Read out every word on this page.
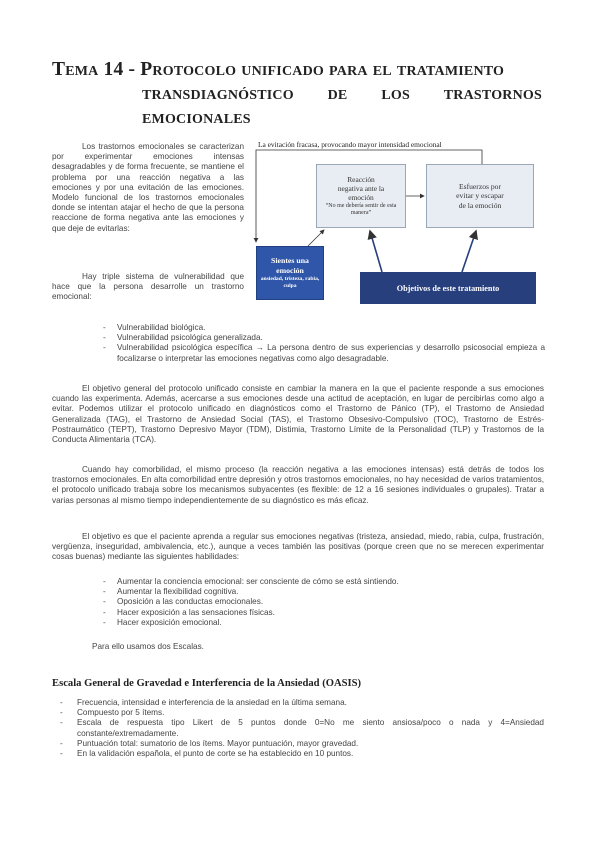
Tema 14 - Protocolo unificado para el tratamiento
transdiagnóstico de los trastornos
emocionales

Los trastornos emocionales se caracterizan por experimentar emociones intensas desagradables y de forma frecuente, se mantiene el problema por una reacción negativa a las emociones y por una evitación de las emociones. Modelo funcional de los trastornos emocionales donde se intentan atajar el hecho de que la persona reaccione de forma negativa ante las emociones y que deje de evitarlas:

Hay triple sistema de vulnerabilidad que hace que la persona desarrolle un trastorno emocional:

La evitación fracasa, provocando mayor intensidad emocional
Reacción
negativa ante la
emoción
“No me debería sentir de esta manera”
Esfuerzos por
evitar y escapar
de la emoción
Sientes una
emoción
ansiedad, tristeza, rabia, culpa	Objetivos de este tratamiento
- Vulnerabilidad biológica.
- Vulnerabilidad psicológica generalizada.
- Vulnerabilidad psicológica específica → La persona dentro de sus experiencias y desarrollo psicosocial empieza a focalizarse o interpretar las emociones negativas como algo desagradable.

El objetivo general del protocolo unificado consiste en cambiar la manera en la que el paciente responde a sus emociones cuando las experimenta. Además, acercarse a sus emociones desde una actitud de aceptación, en lugar de percibirlas como algo a evitar. Podemos utilizar el protocolo unificado en diagnósticos como el Trastorno de Pánico (TP), el Trastorno de Ansiedad Generalizada (TAG), el Trastorno de Ansiedad Social (TAS), el Trastorno Obsesivo-Compulsivo (TOC), Trastorno de Estrés-Postraumático (TEPT), Trastorno Depresivo Mayor (TDM), Distimia, Trastorno Límite de la Personalidad (TLP) y Trastornos de la Conducta Alimentaria (TCA).

Cuando hay comorbilidad, el mismo proceso (la reacción negativa a las emociones intensas) está detrás de todos los trastornos emocionales. En alta comorbilidad entre depresión y otros trastornos emocionales, no hay necesidad de varios tratamientos, el protocolo unificado trabaja sobre los mecanismos subyacentes (es flexible: de 12 a 16 sesiones individuales o grupales). Tratar a varias personas al mismo tiempo independientemente de su diagnóstico es más eficaz.

El objetivo es que el paciente aprenda a regular sus emociones negativas (tristeza, ansiedad, miedo, rabia, culpa, frustración, vergüenza, inseguridad, ambivalencia, etc.), aunque a veces también las positivas (porque creen que no se merecen experimentar cosas buenas) mediante las siguientes habilidades:

- Aumentar la conciencia emocional: ser consciente de cómo se está sintiendo.
- Aumentar la flexibilidad cognitiva.
- Oposición a las conductas emocionales.
- Hacer exposición a las sensaciones físicas.
- Hacer exposición emocional.

Para ello usamos dos Escalas.

Escala General de Gravedad e Interferencia de la Ansiedad (OASIS)
- Frecuencia, intensidad e interferencia de la ansiedad en la última semana.
- Compuesto por 5 ítems.
- Escala de respuesta tipo Likert de 5 puntos donde 0=No me siento ansiosa/poco o nada y 4=Ansiedad constante/extremadamente.
- Puntuación total: sumatorio de los ítems. Mayor puntuación, mayor gravedad.
- En la validación española, el punto de corte se ha establecido en 10 puntos.
